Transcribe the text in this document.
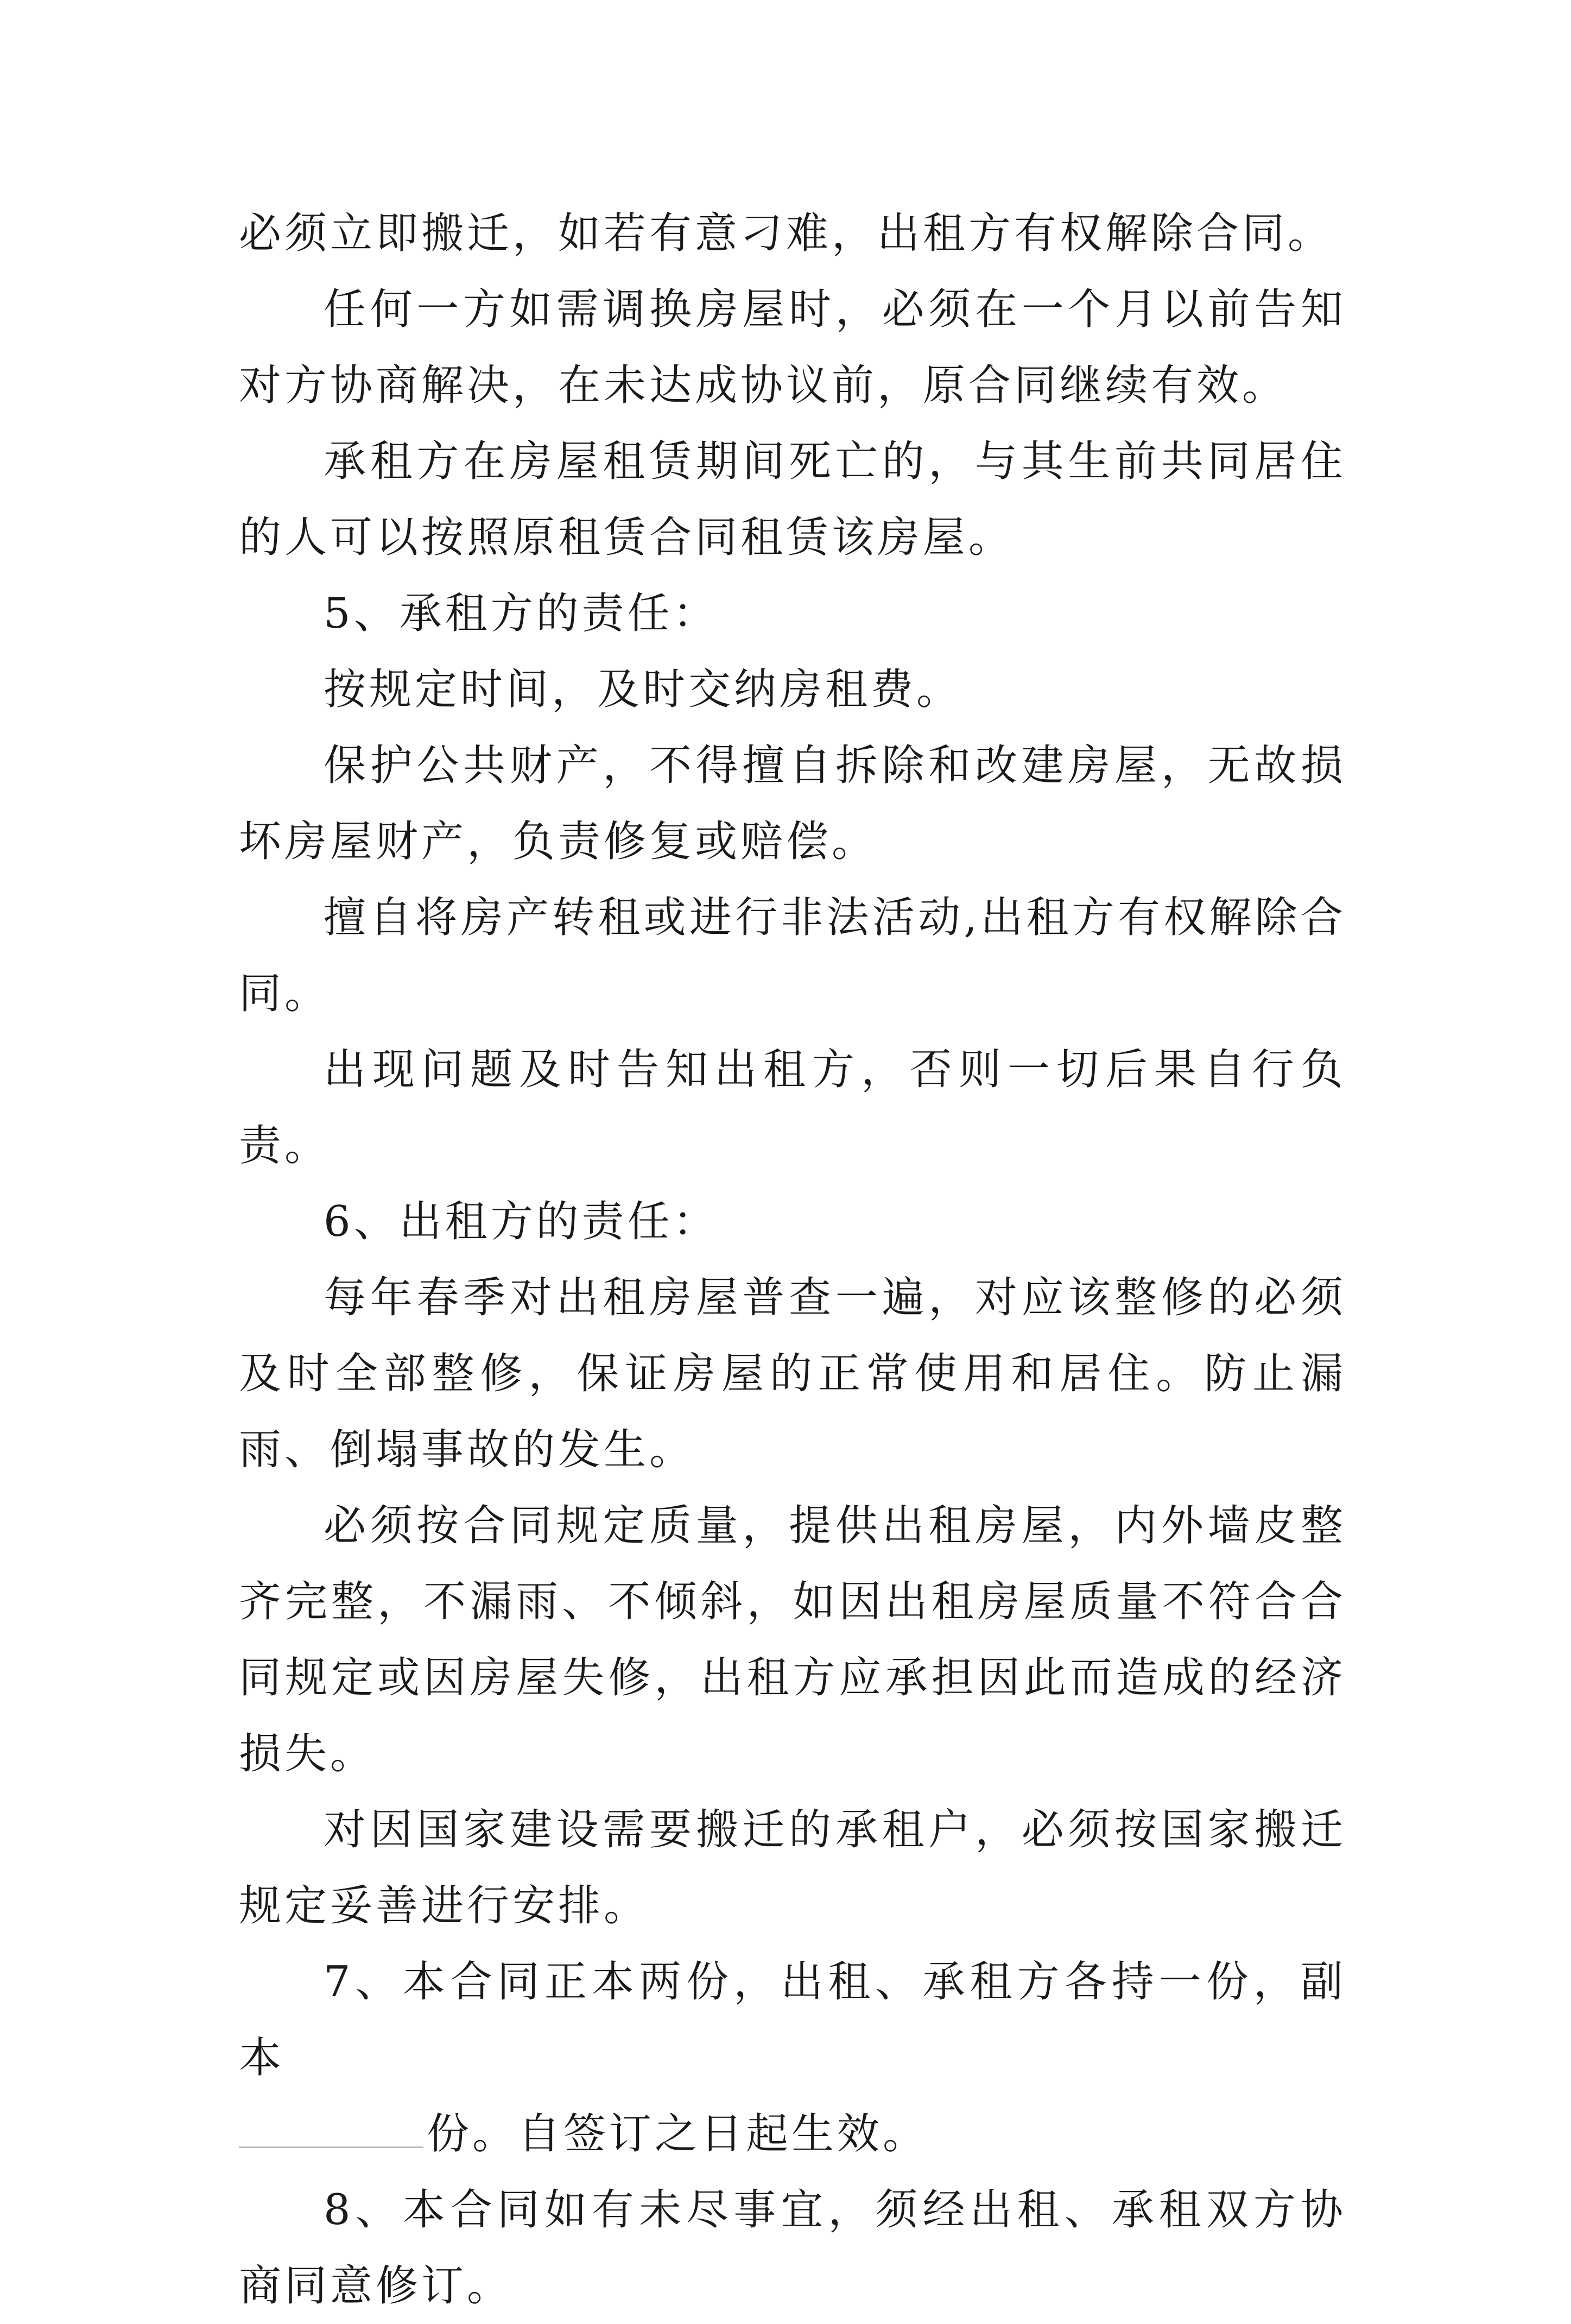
必须立即搬迁，如若有意刁难，出租方有权解除合同。

任何一方如需调换房屋时，必须在一个月以前告知对方协商解决，在未达成协议前，原合同继续有效。

承租方在房屋租赁期间死亡的，与其生前共同居住的人可以按照原租赁合同租赁该房屋。

5、承租方的责任：

按规定时间，及时交纳房租费。

保护公共财产，不得擅自拆除和改建房屋，无故损坏房屋财产，负责修复或赔偿。

擅自将房产转租或进行非法活动,出租方有权解除合同。

出现问题及时告知出租方，否则一切后果自行负责。

6、出租方的责任：

每年春季对出租房屋普查一遍，对应该整修的必须及时全部整修，保证房屋的正常使用和居住。防止漏雨、倒塌事故的发生。

必须按合同规定质量，提供出租房屋，内外墙皮整齐完整，不漏雨、不倾斜，如因出租房屋质量不符合合同规定或因房屋失修，出租方应承担因此而造成的经济损失。

对因国家建设需要搬迁的承租户，必须按国家搬迁规定妥善进行安排。

7、本合同正本两份，出租、承租方各持一份，副本
份。自签订之日起生效。

8、本合同如有未尽事宜，须经出租、承租双方协商同意修订。
